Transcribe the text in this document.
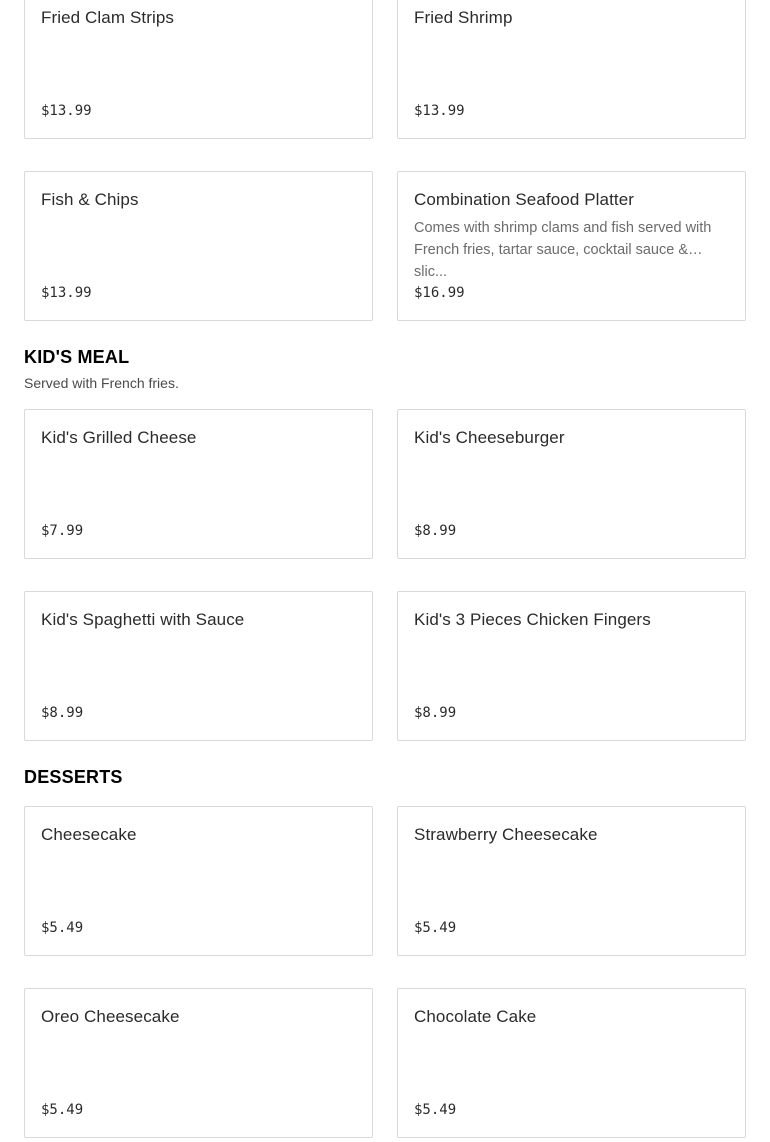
Fried Clam Strips
$13.99
Fried Shrimp
$13.99
Fish & Chips
$13.99
Combination Seafood Platter
Comes with shrimp clams and fish served with French fries, tartar sauce, cocktail sauce & slic...
$16.99
KID'S MEAL

Served with French fries.

Kid's Grilled Cheese
$7.99
Kid's Cheeseburger
$8.99
Kid's Spaghetti with Sauce
$8.99
Kid's 3 Pieces Chicken Fingers
$8.99
DESSERTS
Cheesecake
$5.49
Strawberry Cheesecake
$5.49
Oreo Cheesecake
$5.49
Chocolate Cake
$5.49
